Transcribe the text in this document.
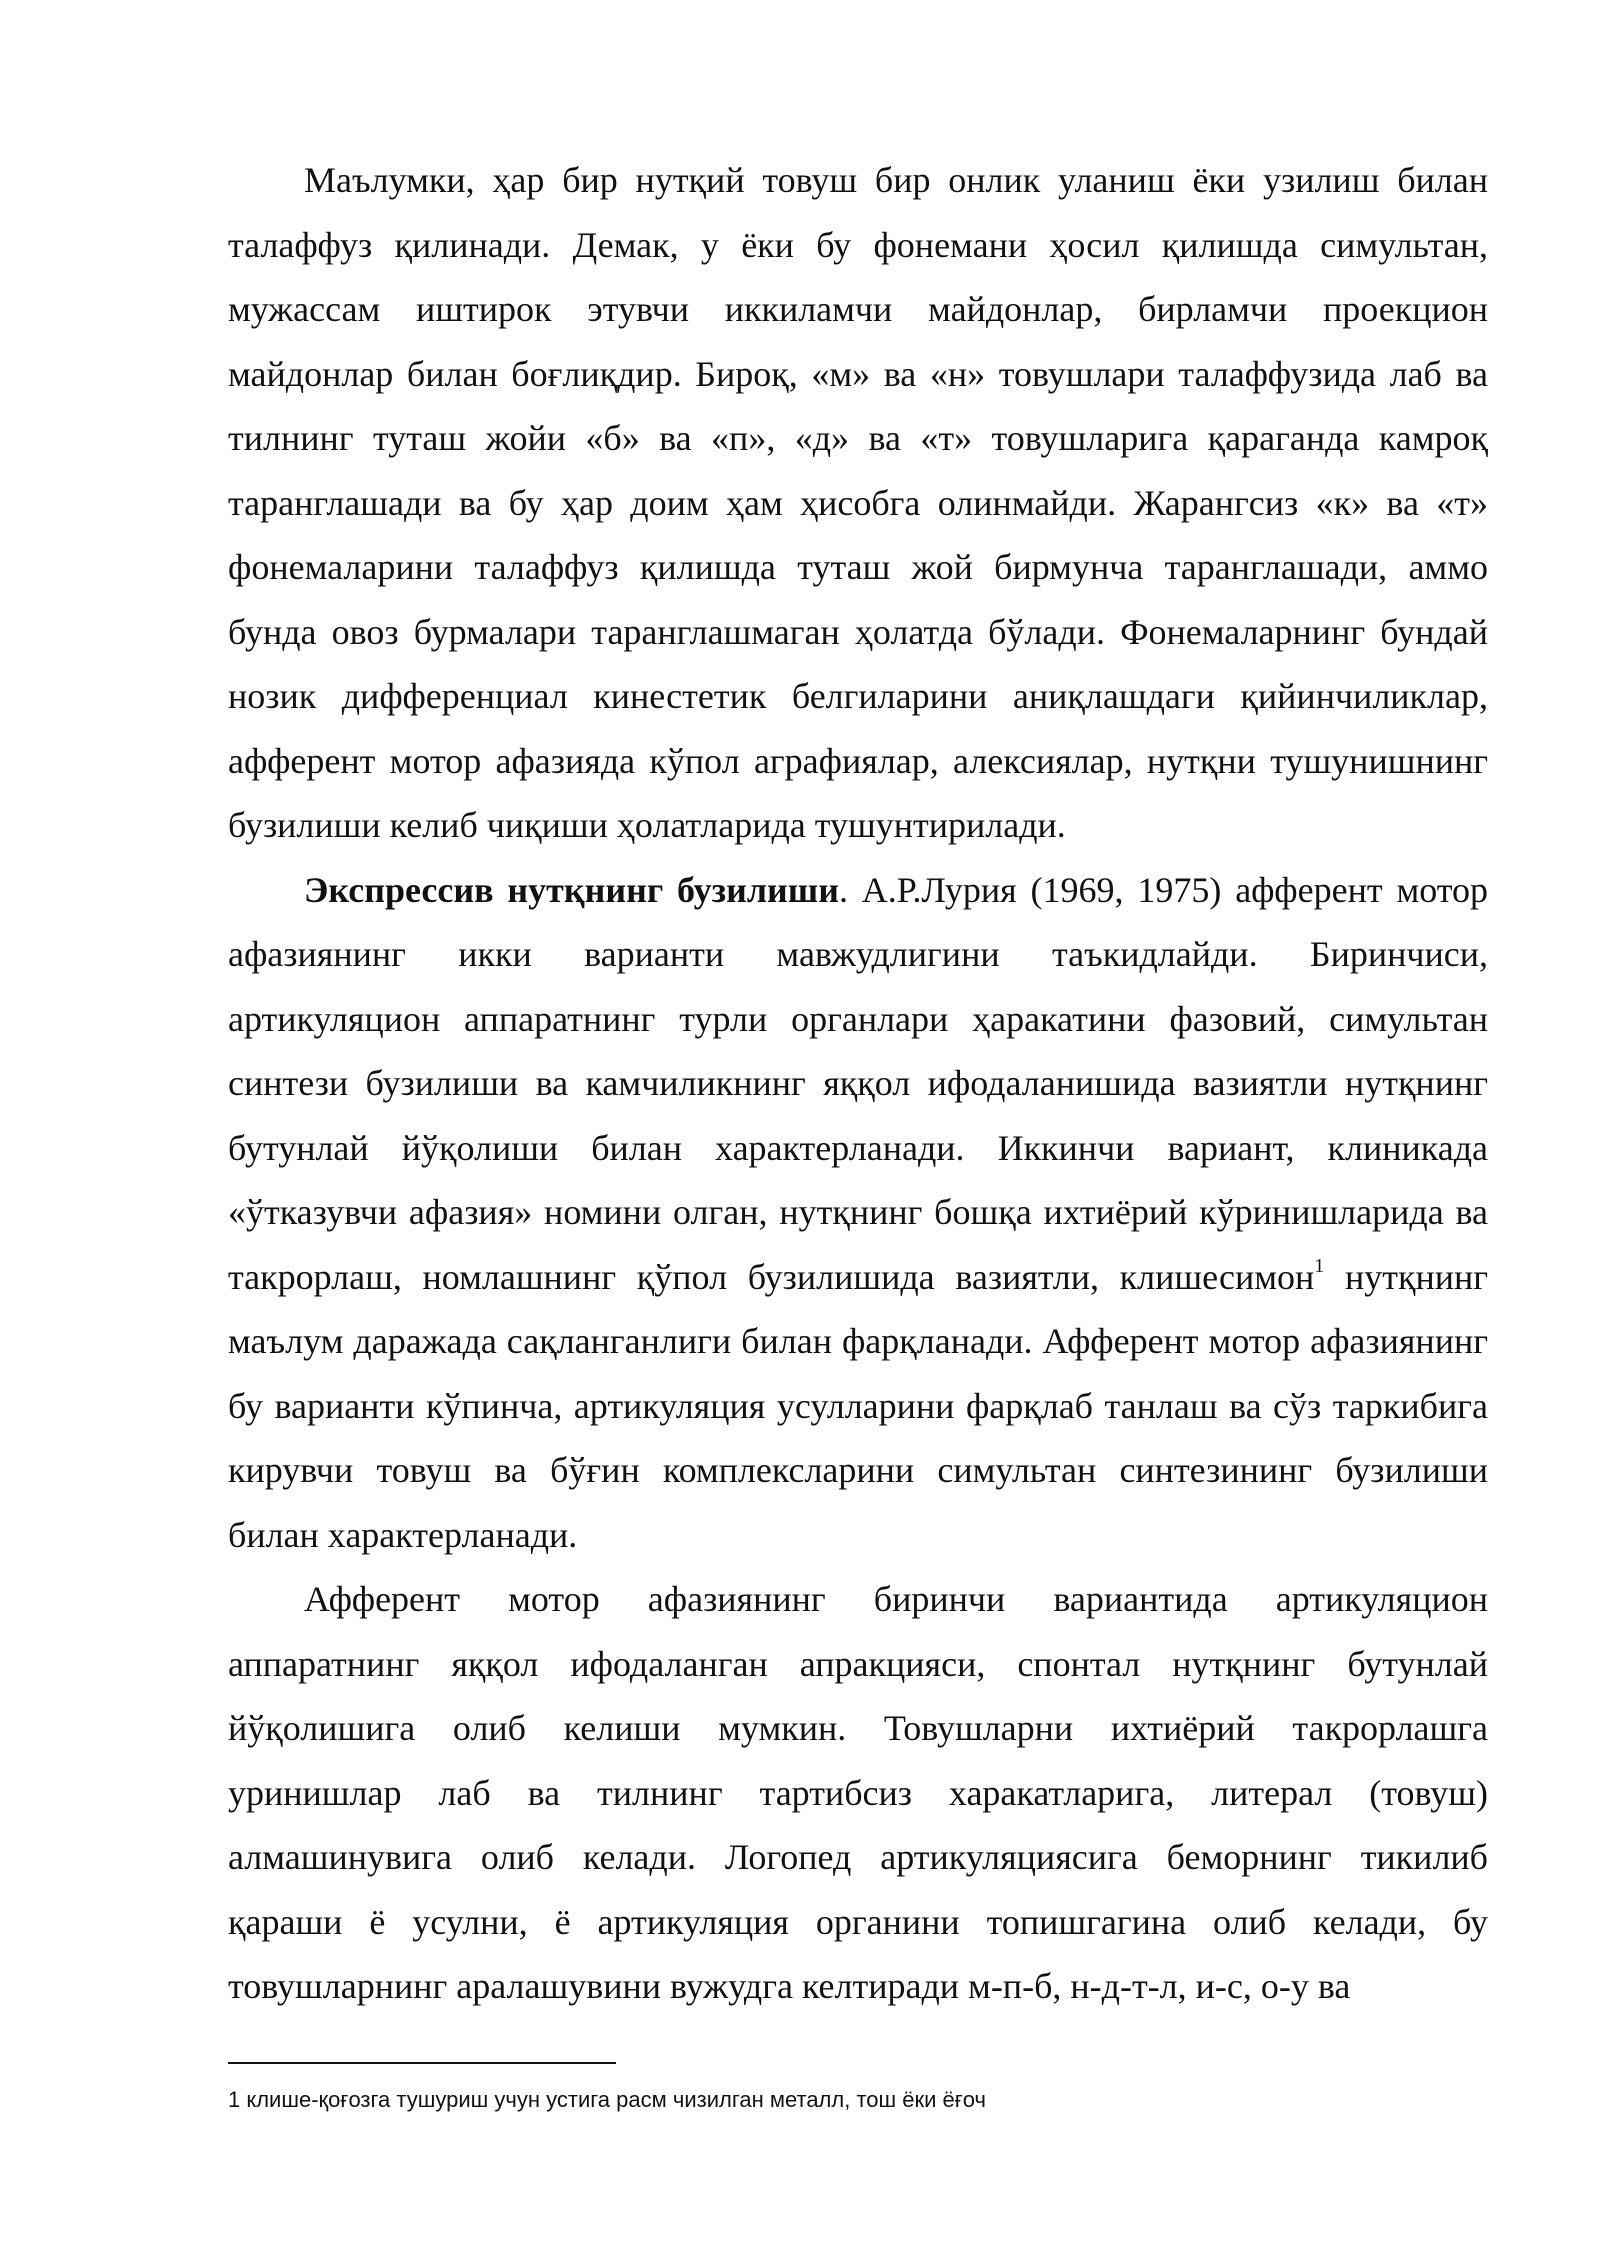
Маълумки, ҳар бир нутқий товуш бир онлик уланиш ёки узилиш билан талаффуз қилинади. Демак, у ёки бу фонемани ҳосил қилишда симультан, мужассам иштирок этувчи иккиламчи майдонлар, бирламчи проекцион майдонлар билан боғлиқдир. Бироқ, «м» ва «н» товушлари талаффузида лаб ва тилнинг туташ жойи «б» ва «п», «д» ва «т» товушларига қараганда камроқ таранглашади ва бу ҳар доим ҳам ҳисобга олинмайди. Жарангсиз «к» ва «т» фонемаларини талаффуз қилишда туташ жой бирмунча таранглашади, аммо бунда овоз бурмалари таранглашмаган ҳолатда бўлади. Фонемаларнинг бундай нозик дифференциал кинестетик белгиларини аниқлашдаги қийинчиликлар, афферент мотор афазияда кўпол аграфиялар, алексиялар, нутқни тушунишнинг бузилиши келиб чиқиши ҳолатларида тушунтирилади.

Экспрессив нутқнинг бузилиши. А.Р.Лурия (1969, 1975) афферент мотор афазиянинг икки варианти мавжудлигини таъкидлайди. Биринчиси, артикуляцион аппаратнинг турли органлари ҳаракатини фазовий, симультан синтези бузилиши ва камчиликнинг яққол ифодаланишида вазиятли нутқнинг бутунлай йўқолиши билан характерланади. Иккинчи вариант, клиникада «ўтказувчи афазия» номини олган, нутқнинг бошқа ихтиёрий кўринишларида ва такрорлаш, номлашнинг қўпол бузилишида вазиятли, клишесимон$^1$ нутқнинг маълум даражада сақланганлиги билан фарқланади. Афферент мотор афазиянинг бу варианти кўпинча, артикуляция усулларини фарқлаб танлаш ва сўз таркибига кирувчи товуш ва бўғин комплексларини симультан синтезининг бузилиши билан характерланади.

Афферент мотор афазиянинг биринчи вариантида артикуляцион аппаратнинг яққол ифодаланган апракцияси, спонтал нутқнинг бутунлай йўқолишига олиб келиши мумкин. Товушларни ихтиёрий такрорлашга уринишлар лаб ва тилнинг тартибсиз харакатларига, литерал (товуш) алмашинувига олиб келади. Логопед артикуляциясига беморнинг тикилиб қараши ё усулни, ё артикуляция органини топишгагина олиб келади, бу товушларнинг аралашувини вужудга келтиради м-п-б, н-д-т-л, и-с, о-у ва

1 клише-қоғозга тушуриш учун устига расм чизилган металл, тош ёки ёғоч
